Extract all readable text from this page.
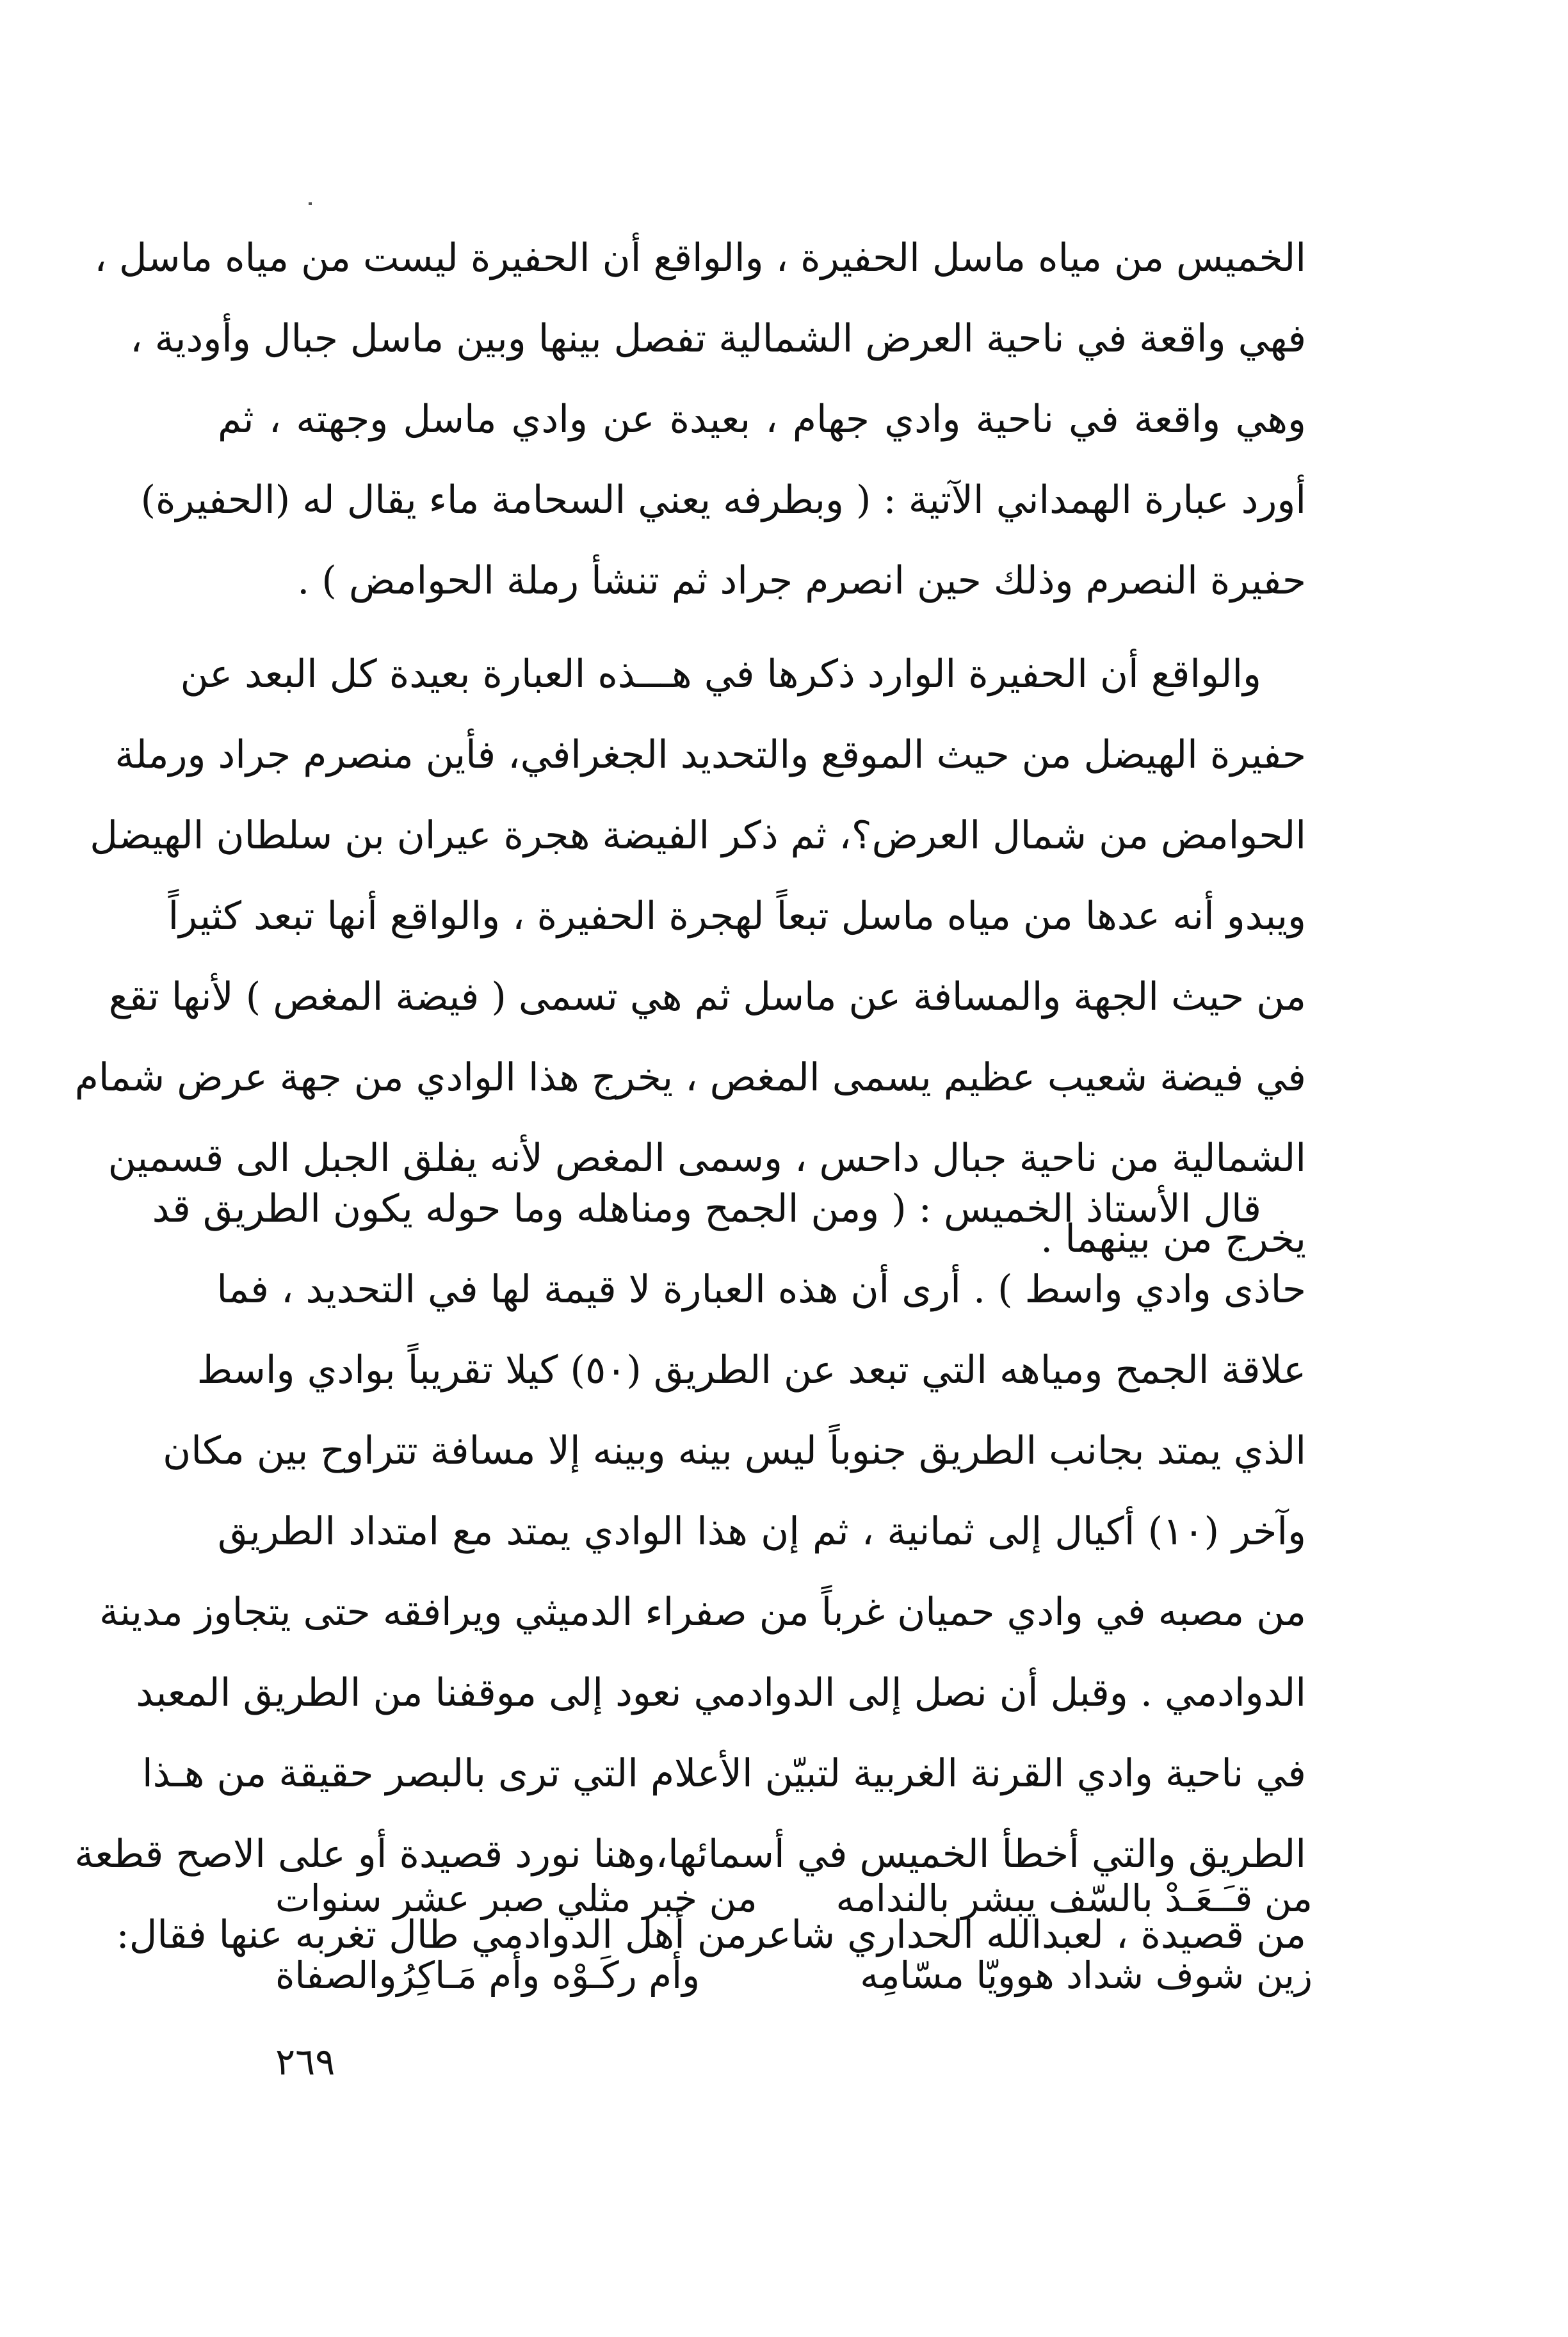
الخميس من مياه ماسل الحفيرة ، والواقع أن الحفيرة ليست من مياه ماسل ،
فهي واقعة في ناحية العرض الشمالية تفصل بينها وبين ماسل جبال وأودية ،
وهي واقعة في ناحية وادي جهام ، بعيدة عن وادي ماسل وجهته ، ثم
أورد عبارة الهمداني الآتية : ( وبطرفه يعني السحامة ماء يقال له (الحفيرة)
حفيرة النصرم وذلك حين انصرم جراد ثم تنشأ رملة الحوامض ) .
والواقع أن الحفيرة الوارد ذكرها في هـــذه العبارة بعيدة كل البعد عن
حفيرة الهيضل من حيث الموقع والتحديد الجغرافي، فأين منصرم جراد ورملة
الحوامض من شمال العرض؟، ثم ذكر الفيضة هجرة عيران بن سلطان الهيضل
ويبدو أنه عدها من مياه ماسل تبعاً لهجرة الحفيرة ، والواقع أنها تبعد كثيراً
من حيث الجهة والمسافة عن ماسل ثم هي تسمى ( فيضة المغص ) لأنها تقع
في فيضة شعيب عظيم يسمى المغص ، يخرج هذا الوادي من جهة عرض شمام
الشمالية من ناحية جبال داحس ، وسمى المغص لأنه يفلق الجبل الى قسمين
يخرج من بينهما .
قال الأستاذ الخميس : ( ومن الجمح ومناهله وما حوله يكون الطريق قد
حاذى وادي واسط ) . أرى أن هذه العبارة لا قيمة لها في التحديد ، فما
علاقة الجمح ومياهه التي تبعد عن الطريق (٥٠) كيلا تقريباً بوادي واسط
الذي يمتد بجانب الطريق جنوباً ليس بينه وبينه إلا مسافة تتراوح بين مكان
وآخر (١٠) أكيال إلى ثمانية ، ثم إن هذا الوادي يمتد مع امتداد الطريق
من مصبه في وادي حميان غرباً من صفراء الدميثي ويرافقه حتى يتجاوز مدينة
الدوادمي . وقبل أن نصل إلى الدوادمي نعود إلى موقفنا من الطريق المعبد
في ناحية وادي القرنة الغربية لتبيّن الأعلام التي ترى بالبصر حقيقة من هـذا
الطريق والتي أخطأ الخميس في أسمائها،وهنا نورد قصيدة أو على الاصح قطعة
من قصيدة ، لعبدالله الحداري شاعرمن أهل الدوادمي طال تغربه عنها فقال:
من قـَـعَـدْ بالسّف يبشر بالندامه
من خبر مثلي صبر عشر سنوات
زين شوف شداد هوويّا مسّامِه
وأم ركَـوْه وأم مَـاكِرُوالصفاة
٢٦٩
